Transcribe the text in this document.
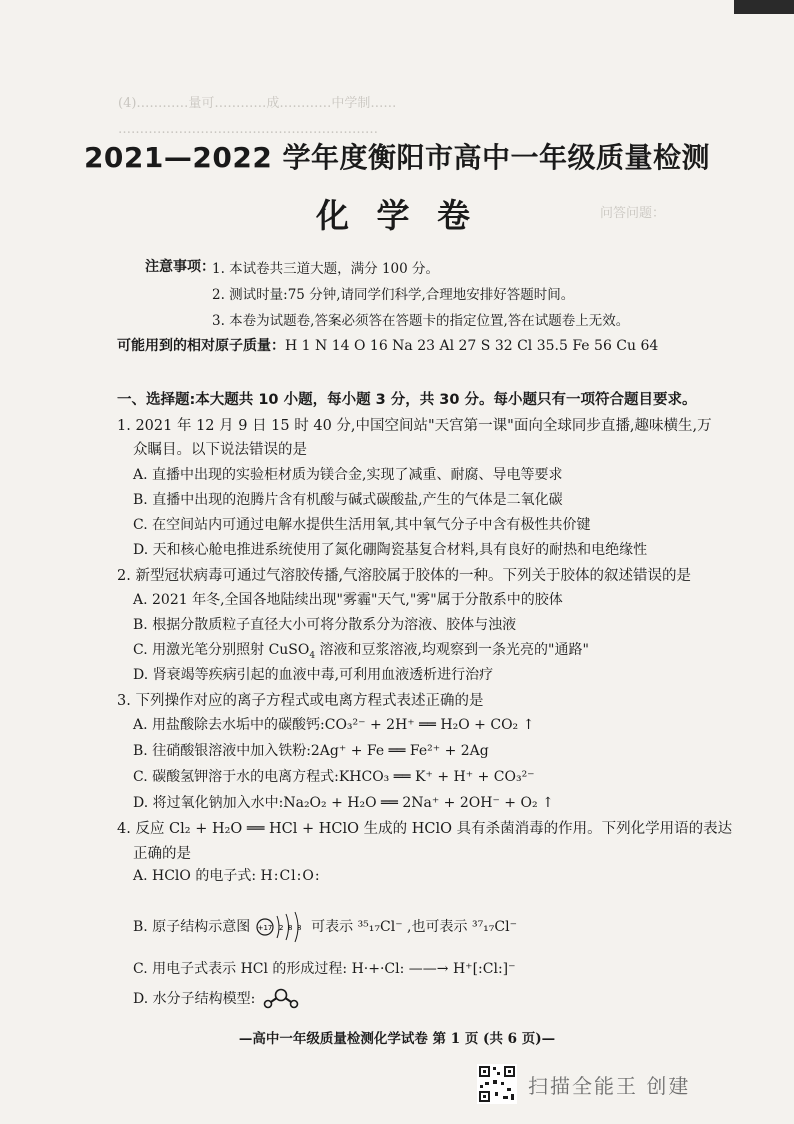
(4)…………量可…………成…………中学制……
……………………………………………………
问答问题：
2021—2022 学年度衡阳市高中一年级质量检测
化 学 卷
注意事项：
1. 本试卷共三道大题，满分 100 分。
2. 测试时量:75 分钟,请同学们科学,合理地安排好答题时间。
3. 本卷为试题卷,答案必须答在答题卡的指定位置,答在试题卷上无效。
可能用到的相对原子质量：H 1 N 14 O 16 Na 23 Al 27 S 32 Cl 35.5 Fe 56 Cu 64
一、选择题:本大题共 10 小题，每小题 3 分，共 30 分。每小题只有一项符合题目要求。
1. 2021 年 12 月 9 日 15 时 40 分,中国空间站"天宫第一课"面向全球同步直播,趣味横生,万
众瞩目。以下说法错误的是
A. 直播中出现的实验柜材质为镁合金,实现了减重、耐腐、导电等要求
B. 直播中出现的泡腾片含有机酸与碱式碳酸盐,产生的气体是二氧化碳
C. 在空间站内可通过电解水提供生活用氧,其中氧气分子中含有极性共价键
D. 天和核心舱电推进系统使用了氮化硼陶瓷基复合材料,具有良好的耐热和电绝缘性
2. 新型冠状病毒可通过气溶胶传播,气溶胶属于胶体的一种。下列关于胶体的叙述错误的是
A. 2021 年冬,全国各地陆续出现"雾霾"天气,"雾"属于分散系中的胶体
B. 根据分散质粒子直径大小可将分散系分为溶液、胶体与浊液
C. 用激光笔分别照射 CuSO$_4$ 溶液和豆浆溶液,均观察到一条光亮的"通路"
D. 肾衰竭等疾病引起的血液中毒,可利用血液透析进行治疗
3. 下列操作对应的离子方程式或电离方程式表述正确的是
A. 用盐酸除去水垢中的碳酸钙:CO₃²⁻ + 2H⁺ ══ H₂O + CO₂ ↑
B. 往硝酸银溶液中加入铁粉:2Ag⁺ + Fe ══ Fe²⁺ + 2Ag
C. 碳酸氢钾溶于水的电离方程式:KHCO₃ ══ K⁺ + H⁺ + CO₃²⁻
D. 将过氧化钠加入水中:Na₂O₂ + H₂O ══ 2Na⁺ + 2OH⁻ + O₂ ↑
4. 反应 Cl₂ + H₂O ══ HCl + HClO 生成的 HClO 具有杀菌消毒的作用。下列化学用语的表达
正确的是
A. HClO 的电子式: H:Cl:O:
B. 原子结构示意图 +17 2 8 8 可表示 ³⁵₁₇Cl⁻ ,也可表示 ³⁷₁₇Cl⁻
C. 用电子式表示 HCl 的形成过程: H·+·Cl: ——→ H⁺[:Cl:]⁻
D. 水分子结构模型:
—高中一年级质量检测化学试卷 第 1 页 (共 6 页)—
扫描全能王 创建
